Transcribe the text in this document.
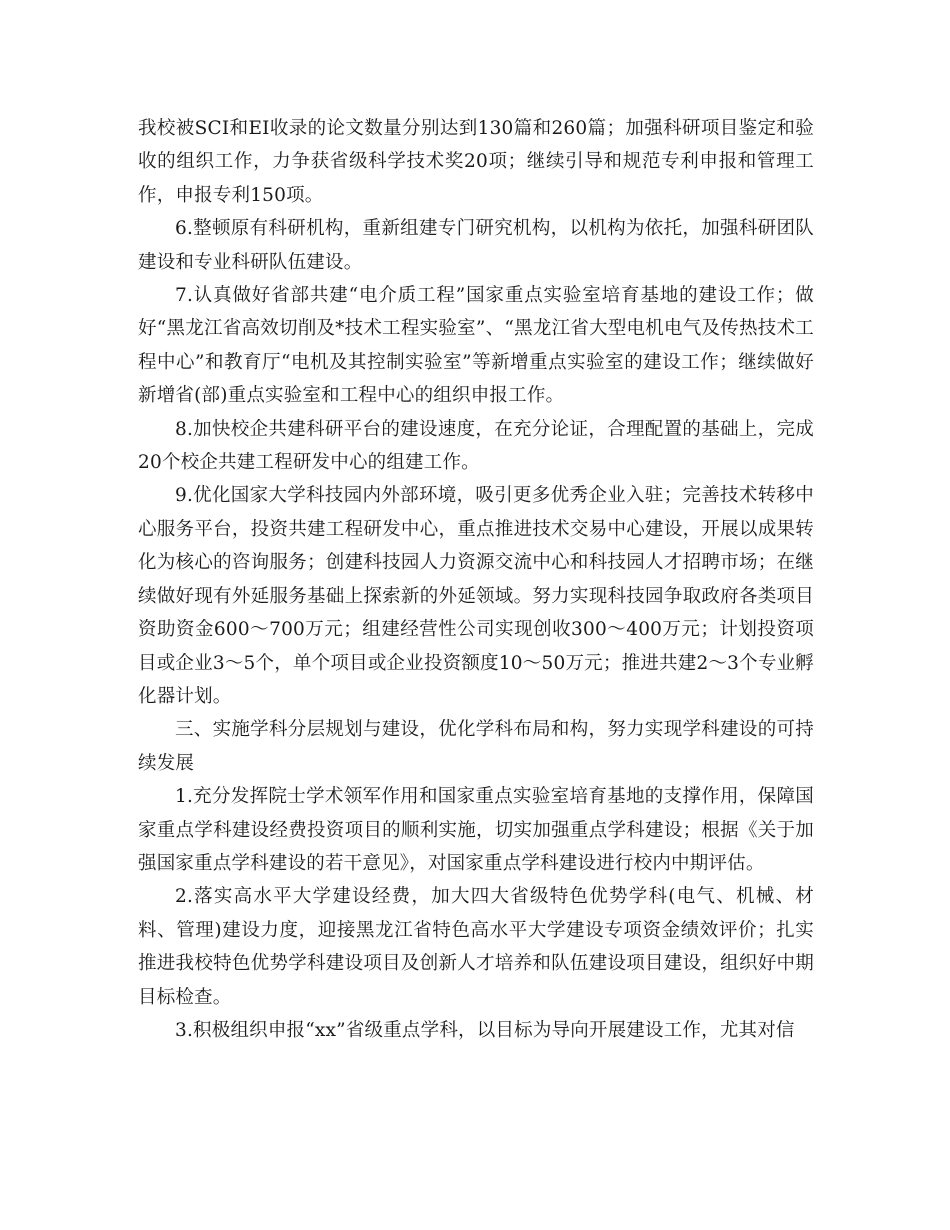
我校被SCI和EI收录的论文数量分别达到130篇和260篇；加强科研项目鉴定和验收的组织工作，力争获省级科学技术奖20项；继续引导和规范专利申报和管理工作，申报专利150项。

6.整顿原有科研机构，重新组建专门研究机构，以机构为依托，加强科研团队建设和专业科研队伍建设。

7.认真做好省部共建“电介质工程”国家重点实验室培育基地的建设工作；做好“黑龙江省高效切削及*技术工程实验室”、“黑龙江省大型电机电气及传热技术工程中心”和教育厅“电机及其控制实验室”等新增重点实验室的建设工作；继续做好新增省(部)重点实验室和工程中心的组织申报工作。

8.加快校企共建科研平台的建设速度，在充分论证，合理配置的基础上，完成20个校企共建工程研发中心的组建工作。

9.优化国家大学科技园内外部环境，吸引更多优秀企业入驻；完善技术转移中心服务平台，投资共建工程研发中心，重点推进技术交易中心建设，开展以成果转化为核心的咨询服务；创建科技园人力资源交流中心和科技园人才招聘市场；在继续做好现有外延服务基础上探索新的外延领域。努力实现科技园争取政府各类项目资助资金600～700万元；组建经营性公司实现创收300～400万元；计划投资项目或企业3～5个，单个项目或企业投资额度10～50万元；推进共建2～3个专业孵化器计划。

三、实施学科分层规划与建设，优化学科布局和构，努力实现学科建设的可持续发展

1.充分发挥院士学术领军作用和国家重点实验室培育基地的支撑作用，保障国家重点学科建设经费投资项目的顺利实施，切实加强重点学科建设；根据《关于加强国家重点学科建设的若干意见》，对国家重点学科建设进行校内中期评估。

2.落实高水平大学建设经费，加大四大省级特色优势学科(电气、机械、材料、管理)建设力度，迎接黑龙江省特色高水平大学建设专项资金绩效评价；扎实推进我校特色优势学科建设项目及创新人才培养和队伍建设项目建设，组织好中期目标检查。

3.积极组织申报“xx”省级重点学科，以目标为导向开展建设工作，尤其对信
